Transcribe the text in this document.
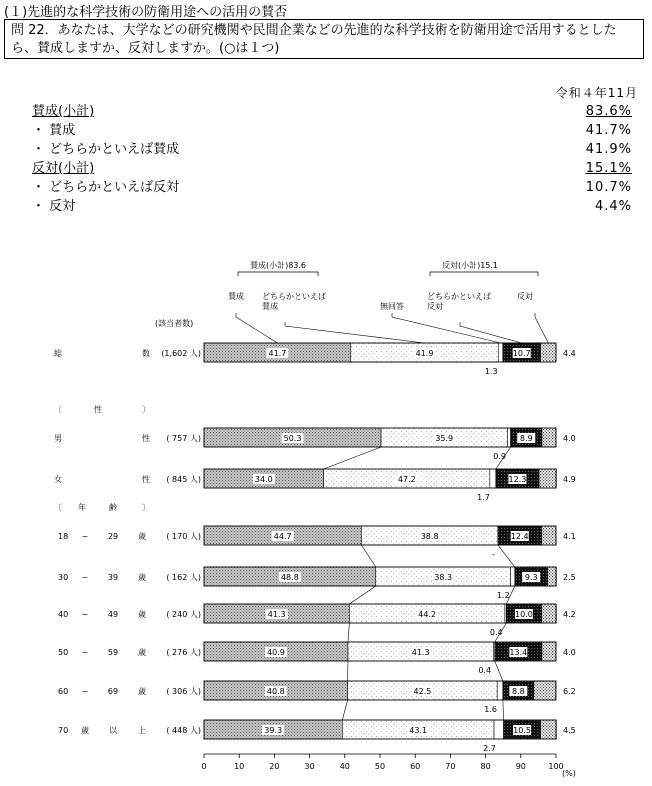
(１)先進的な科学技術の防衛用途への活用の賛否
問 22．あなたは、大学などの研究機関や民間企業などの先進的な科学技術を防衛用途で活用するとした
ら、賛成しますか、反対しますか。(○は１つ)
令和４年11月
賛成(小計)	83.6%
・ 賛成	41.7%
・ どちらかといえば賛成	41.9%
反対(小計)	15.1%
・ どちらかといえば反対	10.7%
・ 反対	4.4%
賛成(小計)83.6	反対(小計)15.1
賛成 どちらかといえば
賛成	無回答
どちらかといえば
反対
反対
(該当者数)
総	数 (1,602 人)	41.7	41.9	10.7	4.4
1.3
男	性 ( 757 人)	50.3	35.9	8.9	4.0
0.9
女	性 ( 845 人)	34.0	47.2	12.3	4.9
1.7
18 ~ 29 歳	( 170 人)	44.7	38.8	12.4	4.1
-
30 ~ 39 歳	( 162 人)	48.8	38.3	9.3	2.5
1.2
40 ~ 49 歳	( 240 人)	41.3	44.2	10.0	4.2
0.4
50 ~ 59 歳	( 276 人)	40.9	41.3	13.4	4.0
0.4
60 ~ 69 歳	( 306 人)	40.8	42.5	8.8	6.2
1.6
70 歳	以	上	( 448 人)	39.3	43.1	10.5	4.5
2.7
〔	性	〕
〔 年	齢	〕
0	10	20	30	40	50	60	70	80	90	100
(%)
